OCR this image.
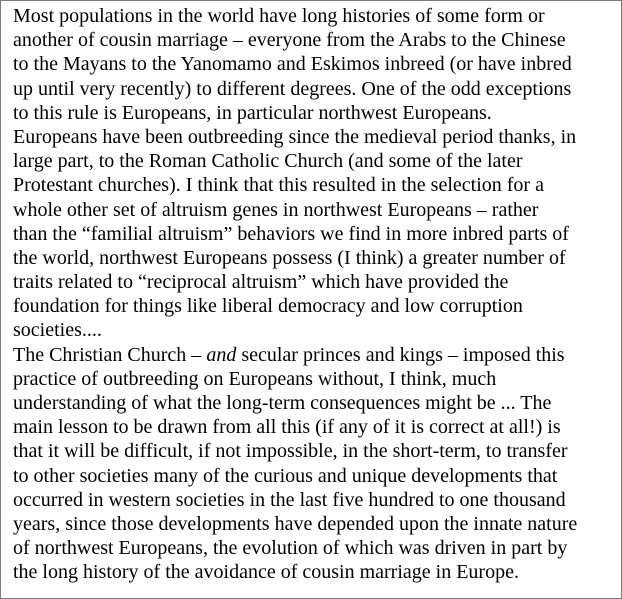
Most populations in the world have long histories of some form or
another of cousin marriage – everyone from the Arabs to the Chinese
to the Mayans to the Yanomamo and Eskimos inbreed (or have inbred
up until very recently) to different degrees. One of the odd exceptions
to this rule is Europeans, in particular northwest Europeans.
Europeans have been outbreeding since the medieval period thanks, in
large part, to the Roman Catholic Church (and some of the later
Protestant churches). I think that this resulted in the selection for a
whole other set of altruism genes in northwest Europeans – rather
than the “familial altruism” behaviors we find in more inbred parts of
the world, northwest Europeans possess (I think) a greater number of
traits related to “reciprocal altruism” which have provided the
foundation for things like liberal democracy and low corruption
societies....
The Christian Church – and secular princes and kings – imposed this
practice of outbreeding on Europeans without, I think, much
understanding of what the long-term consequences might be ... The
main lesson to be drawn from all this (if any of it is correct at all!) is
that it will be difficult, if not impossible, in the short-term, to transfer
to other societies many of the curious and unique developments that
occurred in western societies in the last five hundred to one thousand
years, since those developments have depended upon the innate nature
of northwest Europeans, the evolution of which was driven in part by
the long history of the avoidance of cousin marriage in Europe.
